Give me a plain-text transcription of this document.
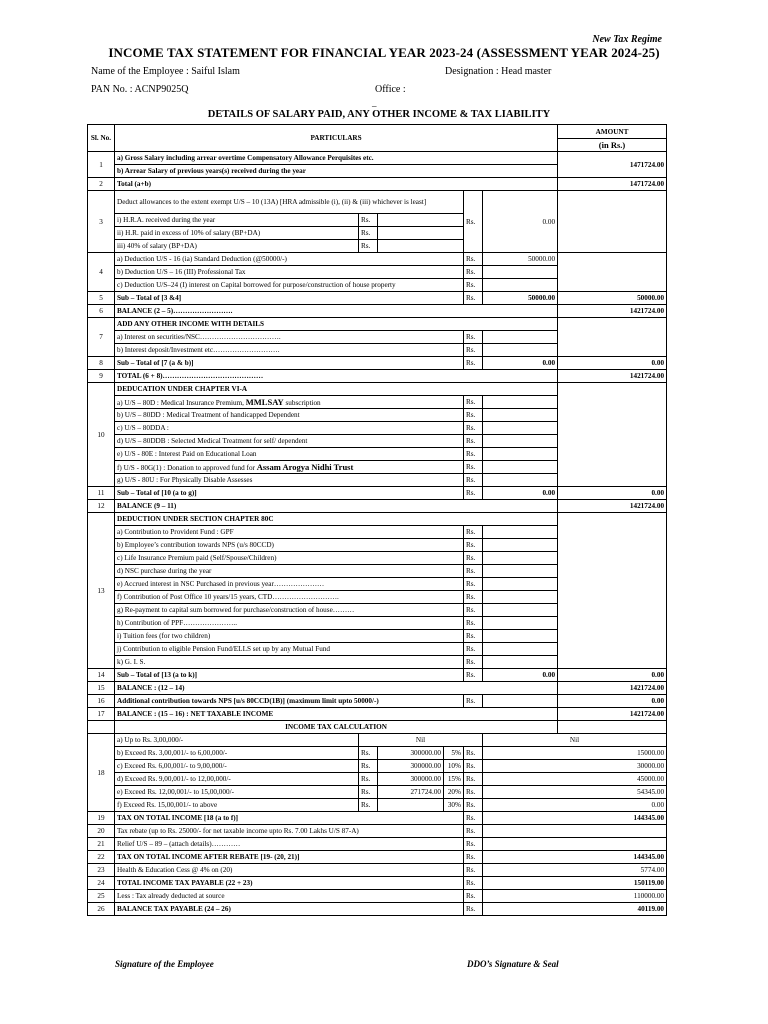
New Tax Regime
INCOME TAX STATEMENT FOR FINANCIAL YEAR 2023-24 (ASSESSMENT YEAR 2024-25)
Name of the Employee : Saiful Islam	Designation : Head master
PAN No. : ACNP9025Q	Office :
_
DETAILS OF SALARY PAID, ANY OTHER INCOME & TAX LIABILITY
Sl. No.	PARTICULARS						AMOUNT
							(in Rs.)
1	a) Gross Salary including arrear overtime Compensatory Allowance Perquisites etc.						1471724.00
	b) Arrear Salary of previous years(s) received during the year						
2	Total (a+b)						1471724.00
3	Deduct allowances to the extent exempt U/S – 10 (13A) [HRA admissible (i), (ii) & (iii) whichever is least]				Rs.	0.00	
	i) H.R.A. received during the year	Rs.					
	ii) H.R. paid in excess of 10% of salary (BP+DA)	Rs.					
	iii) 40% of salary (BP+DA)	Rs.					
4	a) Deduction U/S - 16 (ia) Standard Deduction (@50000/-)				Rs.	50000.00	
	b) Deduction U/S – 16 (III) Professional Tax				Rs.		
	c) Deduction U/S–24 (I) interest on Capital borrowed for purpose/construction of house property				Rs.		
5	Sub – Total of [3 &4]				Rs.	50000.00	50000.00
6	BALANCE (2 – 5)…………………….						1421724.00
7	ADD ANY OTHER INCOME WITH DETAILS						
	a) Interest on securities/NSC…………………………….				Rs.		
	b) Interest deposit/Investment etc……………………….				Rs.		
8	Sub – Total of [7 (a & b)]				Rs.	0.00	0.00
9	TOTAL (6 + 8)……………………………………						1421724.00
10	DEDUCATION UNDER CHAPTER VI-A						
	a) U/S – 80D : Medical Insurance Premium, MMLSAY subscription				Rs.		
	b) U/S – 80DD : Medical Treatment of handicapped Dependent				Rs.		
	c) U/S – 80DDA :				Rs.		
	d) U/S – 80DDB : Selected Medical Treatment for self/ dependent				Rs.		
	e) U/S - 80E : Interest Paid on Educational Loan				Rs.		
	f) U/S - 80G(1) : Donation to approved fund for Assam Arogya Nidhi Trust				Rs.		
	g) U/S - 80U : For Physically Disable Assesses				Rs.		
11	Sub – Total of [10 (a to g)]				Rs.	0.00	0.00
12	BALANCE (9 – 11)						1421724.00
13	DEDUCTION UNDER SECTION CHAPTER 80C						
	a) Contribution to Provident Fund : GPF				Rs.		
	b) Employee’s contribution towards NPS (u/s 80CCD)				Rs.		
	c) Life Insurance Premium paid (Self/Spouse/Children)				Rs.		
	d) NSC purchase during the year				Rs.		
	e) Accrued interest in NSC Purchased in previous year…………………				Rs.		
	f) Contribution of Post Office 10 years/15 years, CTD……………………….				Rs.		
	g) Re-payment to capital sum borrowed for purchase/construction of house………				Rs.		
	h) Contribution of PPF…………………..				Rs.		
	i) Tuition fees (for two children)				Rs.		
	j) Contribution to eligible Pension Fund/ELLS set up by any Mutual Fund				Rs.		
	k) G. I. S.				Rs.		
14	Sub – Total of [13 (a to k)]				Rs.	0.00	0.00
15	BALANCE : (12 – 14)						1421724.00
16	Additional contribution towards NPS [u/s 80CCD(1B)] (maximum limit upto 50000/-)				Rs.		0.00
17	BALANCE : (15 – 16) : NET TAXABLE INCOME						1421724.00
	INCOME TAX CALCULATION						
18	a) Up to Rs. 3,00,000/-	Nil				Nil	
	b) Exceed Rs. 3,00,001/- to 6,00,000/-	Rs.	300000.00	5%	Rs.	15000.00	
	c) Exceed Rs. 6,00,001/- to 9,00,000/-	Rs.	300000.00	10%	Rs.	30000.00	
	d) Exceed Rs. 9,00,001/- to 12,00,000/-	Rs.	300000.00	15%	Rs.	45000.00	
	e) Exceed Rs. 12,00,001/- to 15,00,000/-	Rs.	271724.00	20%	Rs.	54345.00	
	f) Exceed Rs. 15,00,001/- to above	Rs.		30%	Rs.	0.00	
19	TAX ON TOTAL INCOME [18 (a to f)]				Rs.	144345.00	
20	Tax rebate (up to Rs. 25000/- for net taxable income upto Rs. 7.00 Lakhs U/S 87-A)				Rs.		
21	Relief U/S – 89 – (attach details)…………				Rs.		
22	TAX ON TOTAL INCOME AFTER REBATE [19- (20, 21)]				Rs.	144345.00	
23	Health & Education Cess @ 4% on (20)				Rs.	5774.00	
24	TOTAL INCOME TAX PAYABLE (22 + 23)				Rs.	150119.00	
25	Less : Tax already deducted at source				Rs.	110000.00	
26	BALANCE TAX PAYABLE (24 – 26)				Rs.	40119.00	
Signature of the Employee	DDO’s Signature & Seal
